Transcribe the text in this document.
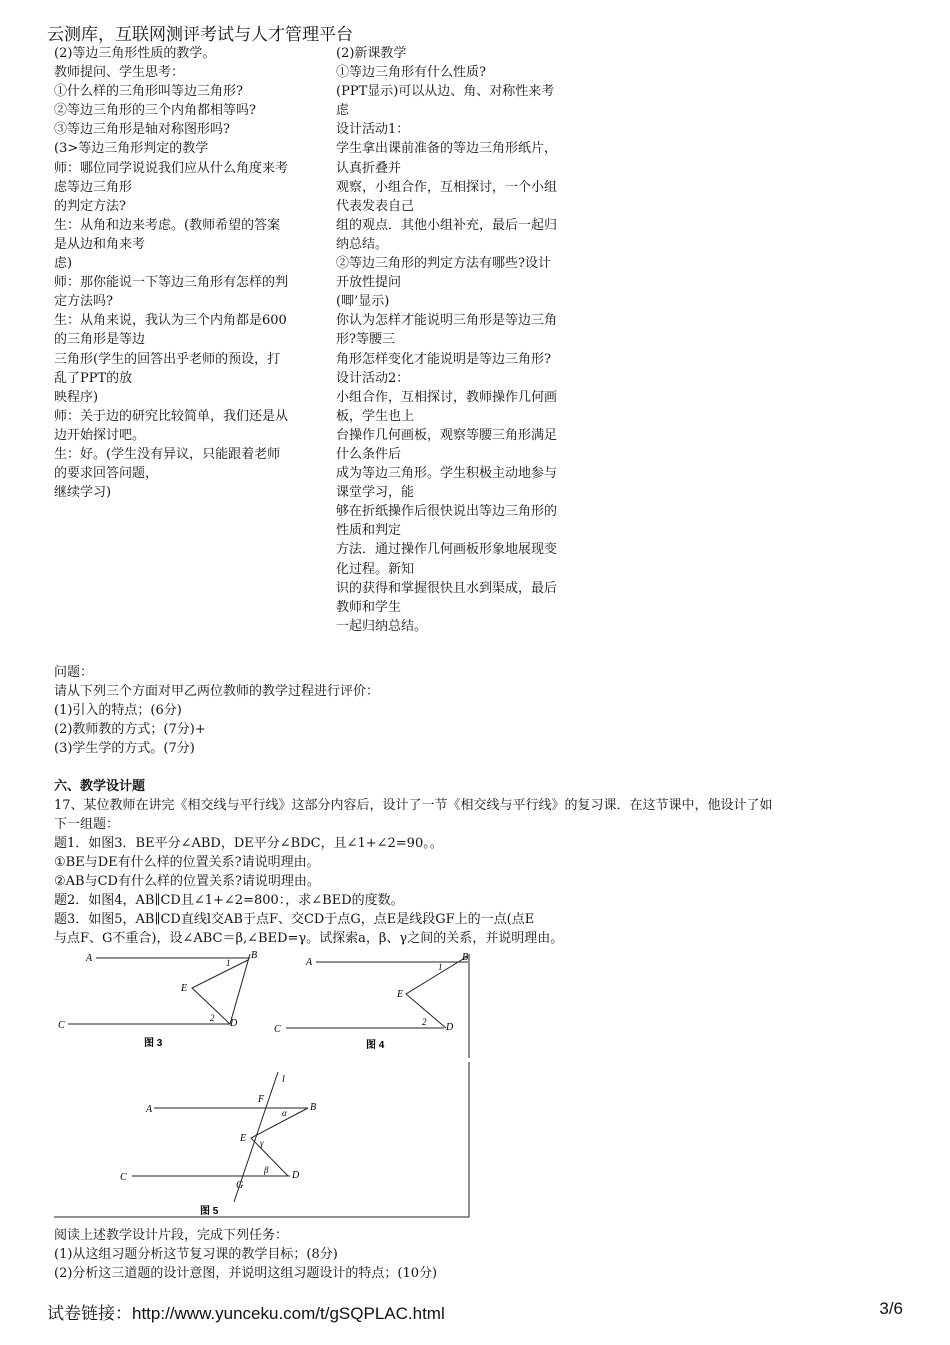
云测库，互联网测评考试与人才管理平台
(2)等边三角形性质的教学。
教师提问、学生思考：
①什么样的三角形叫等边三角形?
②等边三角形的三个内角都相等吗?
③等边三角形是轴对称图形吗?
(3>等边三角形判定的教学
师：哪位同学说说我们应从什么角度来考
虑等边三角形
的判定方法?
生：从角和边来考虑。(教师希望的答案
是从边和角来考
虑)
师：那你能说一下等边三角形有怎样的判
定方法吗?
生：从角来说，我认为三个内角都是600
的三角形是等边
三角形(学生的回答出乎老师的预设，打
乱了PPT的放
映程序)
师：关于边的研究比较简单，我们还是从
边开始探讨吧。
生：好。(学生没有异议，只能跟着老师
的要求回答问题，
继续学习)
(2)新课教学
①等边三角形有什么性质?
(PPT显示)可以从边、角、对称性来考
虑
设计活动1：
学生拿出课前准备的等边三角形纸片，
认真折叠并
观察，小组合作，互相探讨，一个小组
代表发表自己
组的观点．其他小组补充，最后一起归
纳总结。
②等边三角形的判定方法有哪些?设计
开放性提问
(唧’显示)
你认为怎样才能说明三角形是等边三角
形?等腰三
角形怎样变化才能说明是等边三角形?
设计活动2：
小组合作，互相探讨，教师操作几何画
板，学生也上
台操作几何画板，观察等腰三角形满足
什么条件后
成为等边三角形。学生积极主动地参与
课堂学习，能
够在折纸操作后很快说出等边三角形的
性质和判定
方法．通过操作几何画板形象地展现变
化过程。新知
识的获得和掌握很快且水到渠成，最后
教师和学生
一起归纳总结。
问题：
请从下列三个方面对甲乙两位教师的教学过程进行评价：
(1)引入的特点；(6分)
(2)教师教的方式；(7分)+
(3)学生学的方式。(7分)
六、教学设计题
17、某位教师在讲完《相交线与平行线》这部分内容后，设计了一节《相交线与平行线》的复习课．在这节课中，他设计了如
下一组题：
题1．如图3．BE平分∠ABD，DE平分∠BDC，且∠1+∠2=90。。
①BE与DE有什么样的位置关系?请说明理由。
②AB与CD有什么样的位置关系?请说明理由。
题2．如图4，AB∥CD且∠1+∠2=800：，求∠BED的度数。
题3．如图5，AB∥CD直线l交AB于点F、交CD于点G，点E是线段GF上的一点(点E
与点F、G不重合)，设∠ABC＝β,∠BED=γ。试探索a，β、γ之间的关系，并说明理由。
A	B
E
C	D
1
2
图 3
A	B
E
C	D
1
2
图 4
l
F
A	B
α
E γ
β
C	D
G
图 5
阅读上述教学设计片段，完成下列任务：
(1)从这组习题分析这节复习课的教学目标；(8分)
(2)分析这三道题的设计意图，并说明这组习题设计的特点；(10分)
试卷链接：http://www.yunceku.com/t/gSQPLAC.html	3/6
